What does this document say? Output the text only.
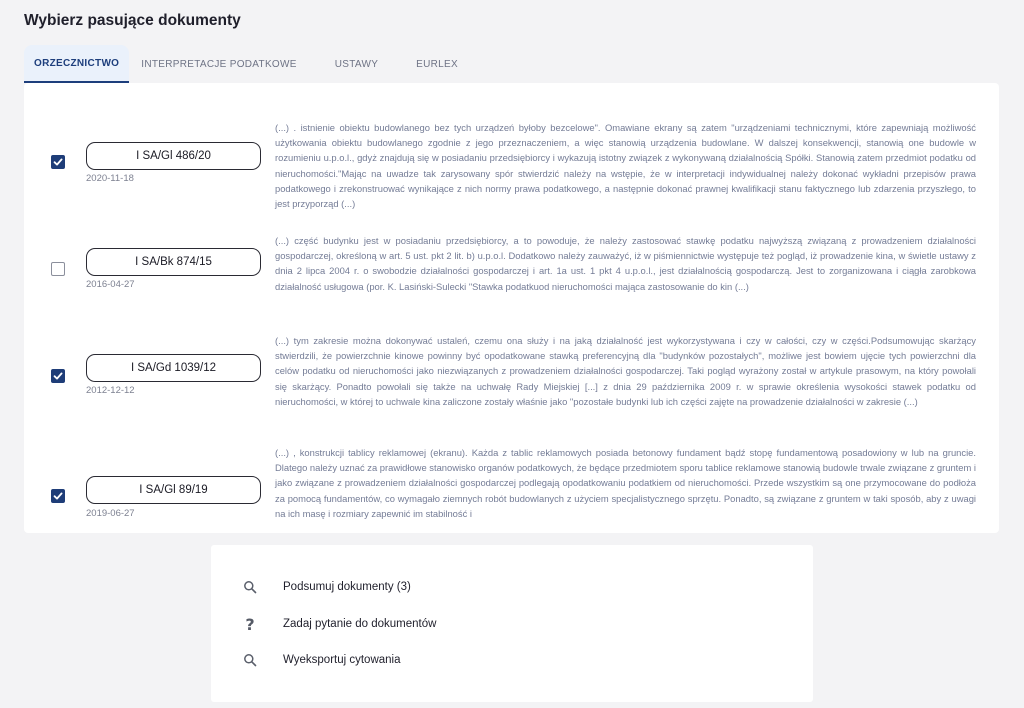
Wybierz pasujące dokumenty
ORZECZNICTWO	INTERPRETACJE PODATKOWE	USTAWY	EURLEX
I SA/Gl 486/20
2020-11-18

(...) . istnienie obiektu budowlanego bez tych urządzeń byłoby bezcelowe". Omawiane ekrany są zatem "urządzeniami technicznymi, które zapewniają możliwość użytkowania obiektu budowlanego zgodnie z jego przeznaczeniem, a więc stanowią urządzenia budowlane. W dalszej konsekwencji, stanowią one budowle w rozumieniu u.p.o.l., gdyż znajdują się w posiadaniu przedsiębiorcy i wykazują istotny związek z wykonywaną działalnością Spółki. Stanowią zatem przedmiot podatku od nieruchomości."Mając na uwadze tak zarysowany spór stwierdzić należy na wstępie, że w interpretacji indywidualnej należy dokonać wykładni przepisów prawa podatkowego i zrekonstruować wynikające z nich normy prawa podatkowego, a następnie dokonać prawnej kwalifikacji stanu faktycznego lub zdarzenia przyszłego, to jest przyporząd (...)

I SA/Bk 874/15
2016-04-27

(...) część budynku jest w posiadaniu przedsiębiorcy, a to powoduje, że należy zastosować stawkę podatku najwyższą związaną z prowadzeniem działalności gospodarczej, określoną w art. 5 ust. pkt 2 lit. b) u.p.o.l. Dodatkowo należy zauważyć, iż w piśmiennictwie występuje też pogląd, iż prowadzenie kina, w świetle ustawy z dnia 2 lipca 2004 r. o swobodzie działalności gospodarczej i art. 1a ust. 1 pkt 4 u.p.o.l., jest działalnością gospodarczą. Jest to zorganizowana i ciągła zarobkowa działalność usługowa (por. K. Lasiński-Sulecki "Stawka podatkuod nieruchomości mająca zastosowanie do kin (...)

I SA/Gd 1039/12
2012-12-12

(...) tym zakresie można dokonywać ustaleń, czemu ona służy i na jaką działalność jest wykorzystywana i czy w całości, czy w części.Podsumowując skarżący stwierdzili, że powierzchnie kinowe powinny być opodatkowane stawką preferencyjną dla "budynków pozostałych", możliwe jest bowiem ujęcie tych powierzchni dla celów podatku od nieruchomości jako niezwiązanych z prowadzeniem działalności gospodarczej. Taki pogląd wyrażony został w artykule prasowym, na który powołali się skarżący. Ponadto powołali się także na uchwałę Rady Miejskiej [...] z dnia 29 października 2009 r. w sprawie określenia wysokości stawek podatku od nieruchomości, w której to uchwale kina zaliczone zostały właśnie jako "pozostałe budynki lub ich części zajęte na prowadzenie działalności w zakresie (...)

I SA/Gl 89/19
2019-06-27

(...) , konstrukcji tablicy reklamowej (ekranu). Każda z tablic reklamowych posiada betonowy fundament bądź stopę fundamentową posadowiony w lub na gruncie. Dlatego należy uznać za prawidłowe stanowisko organów podatkowych, że będące przedmiotem sporu tablice reklamowe stanowią budowle trwale związane z gruntem i jako związane z prowadzeniem działalności gospodarczej podlegają opodatkowaniu podatkiem od nieruchomości. Przede wszystkim są one przymocowane do podłoża za pomocą fundamentów, co wymagało ziemnych robót budowlanych z użyciem specjalistycznego sprzętu. Ponadto, są związane z gruntem w taki sposób, aby z uwagi na ich masę i rozmiary zapewnić im stabilność i

Podsumuj dokumenty (3)
? Zadaj pytanie do dokumentów
Wyeksportuj cytowania
